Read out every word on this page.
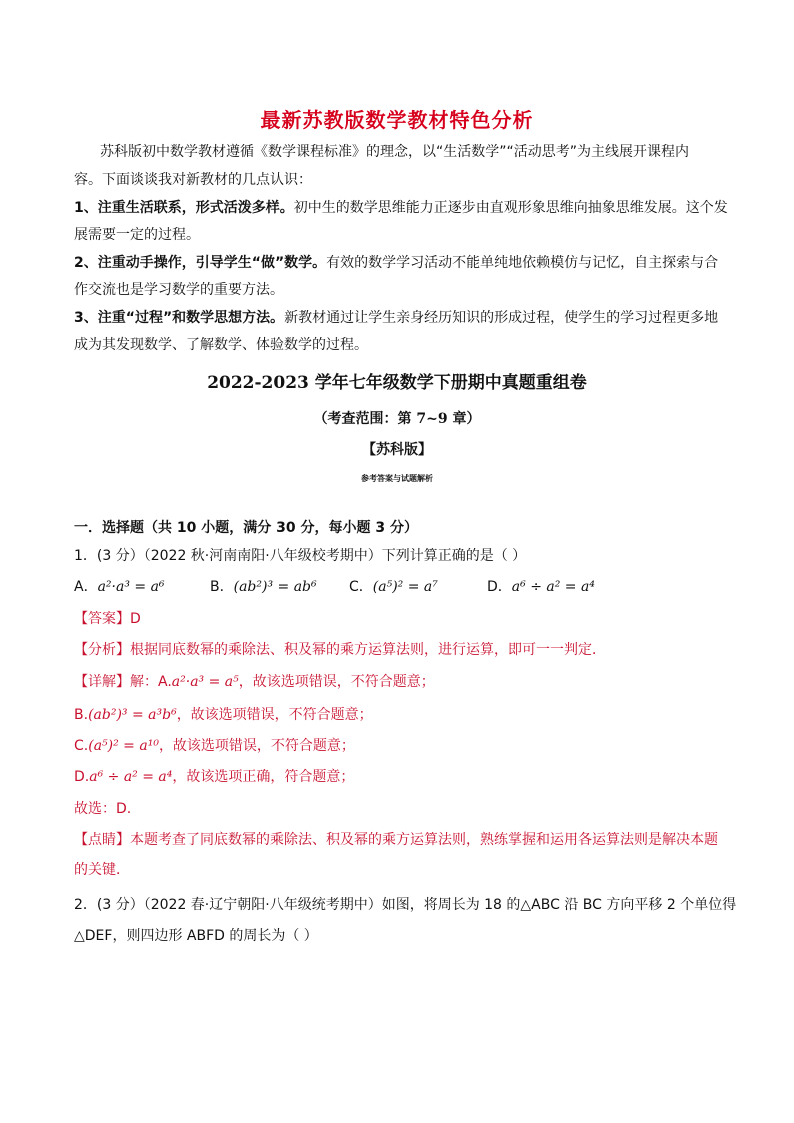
最新苏教版数学教材特色分析
苏科版初中数学教材遵循《数学课程标准》的理念，以“生活数学”“活动思考”为主线展开课程内
容。下面谈谈我对新教材的几点认识：
1、注重生活联系，形式活泼多样。初中生的数学思维能力正逐步由直观形象思维向抽象思维发展。这个发
展需要一定的过程。
2、注重动手操作，引导学生“做”数学。有效的数学学习活动不能单纯地依赖模仿与记忆，自主探索与合
作交流也是学习数学的重要方法。
3、注重“过程”和数学思想方法。新教材通过让学生亲身经历知识的形成过程，使学生的学习过程更多地
成为其发现数学、了解数学、体验数学的过程。
2022-2023 学年七年级数学下册期中真题重组卷
（考查范围：第 7~9 章）
【苏科版】
参考答案与试题解析
一．选择题（共 10 小题，满分 30 分，每小题 3 分）
1．(3 分）（2022 秋·河南南阳·八年级校考期中）下列计算正确的是（ ）
A．a²·a³ = a⁶	B．(ab²)³ = ab⁶ C．(a⁵)² = a⁷	D．a⁶ ÷ a² = a⁴
【答案】D
【分析】根据同底数幂的乘除法、积及幂的乘方运算法则，进行运算，即可一一判定．
【详解】解：A.a²·a³ = a⁵，故该选项错误，不符合题意；
B.(ab²)³ = a³b⁶，故该选项错误，不符合题意；
C.(a⁵)² = a¹⁰，故该选项错误，不符合题意；
D.a⁶ ÷ a² = a⁴，故该选项正确，符合题意；
故选：D.
【点睛】本题考查了同底数幂的乘除法、积及幂的乘方运算法则，熟练掌握和运用各运算法则是解决本题
的关键．
2．(3 分）（2022 春·辽宁朝阳·八年级统考期中）如图，将周长为 18 的△ABC 沿 BC 方向平移 2 个单位得
△DEF，则四边形 ABFD 的周长为（ ）
